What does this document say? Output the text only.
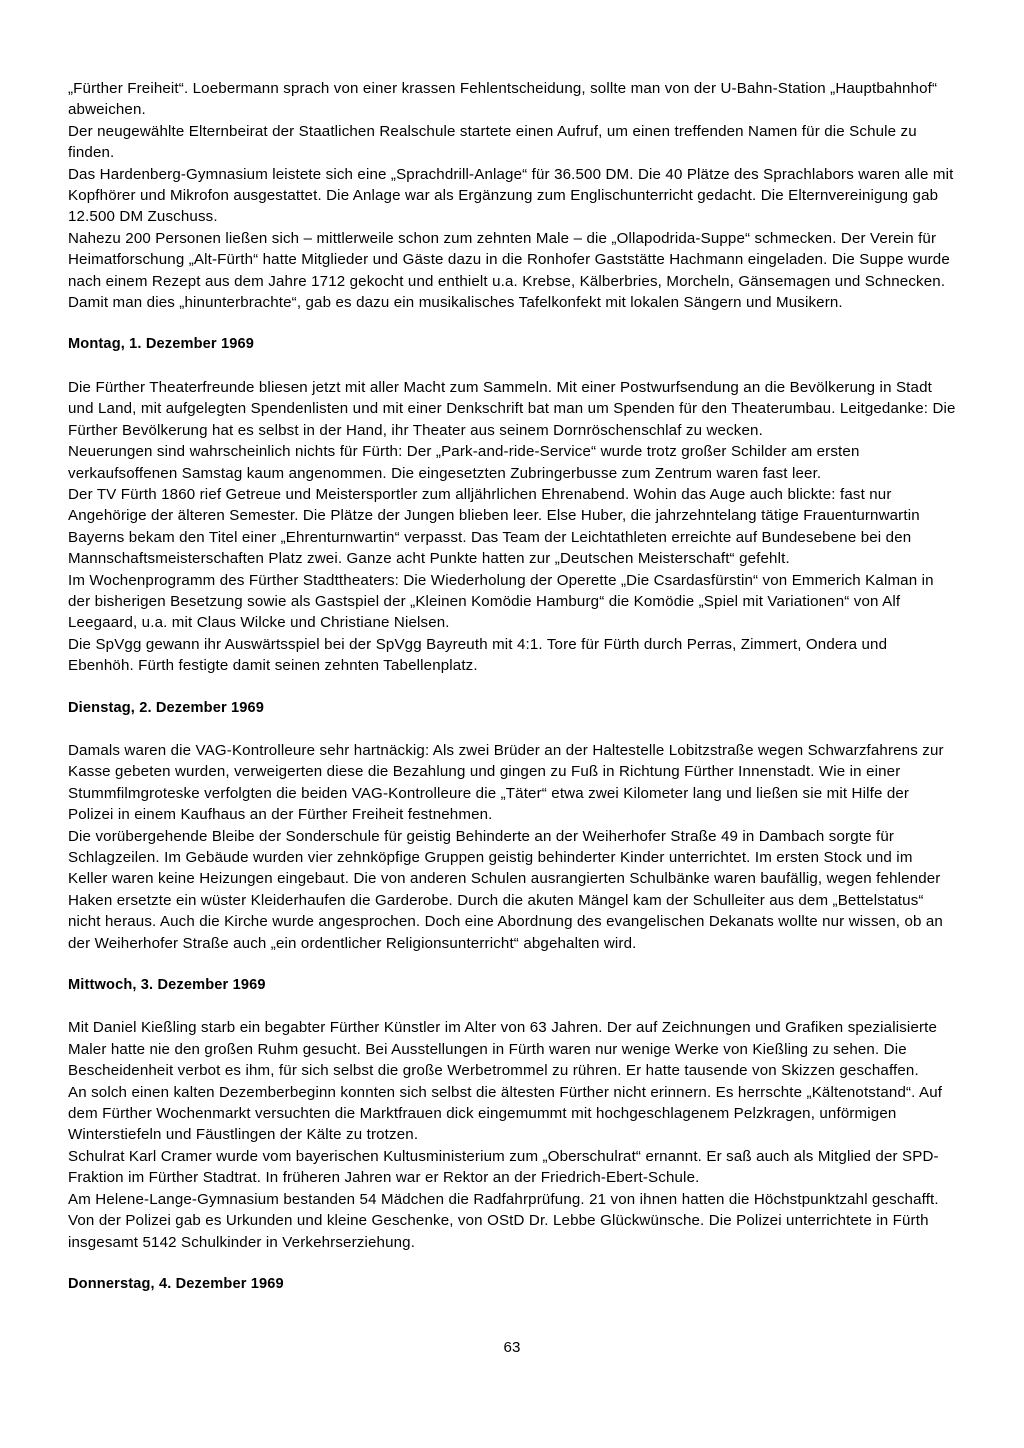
„Fürther Freiheit“. Loebermann sprach von einer krassen Fehlentscheidung, sollte man von der U-Bahn-Station „Hauptbahnhof“ abweichen.

Der neugewählte Elternbeirat der Staatlichen Realschule startete einen Aufruf, um einen treffenden Namen für die Schule zu finden.

Das Hardenberg-Gymnasium leistete sich eine „Sprachdrill-Anlage“ für 36.500 DM. Die 40 Plätze des Sprachlabors waren alle mit Kopfhörer und Mikrofon ausgestattet. Die Anlage war als Ergänzung zum Englischunterricht gedacht. Die Elternvereinigung gab 12.500 DM Zuschuss.

Nahezu 200 Personen ließen sich – mittlerweile schon zum zehnten Male – die „Ollapodrida-Suppe“ schmecken. Der Verein für Heimatforschung „Alt-Fürth“ hatte Mitglieder und Gäste dazu in die Ronhofer Gaststätte Hachmann eingeladen. Die Suppe wurde nach einem Rezept aus dem Jahre 1712 gekocht und enthielt u.a. Krebse, Kälberbries, Morcheln, Gänsemagen und Schnecken. Damit man dies „hinunterbrachte“, gab es dazu ein musikalisches Tafelkonfekt mit lokalen Sängern und Musikern.

Montag, 1. Dezember 1969

Die Fürther Theaterfreunde bliesen jetzt mit aller Macht zum Sammeln. Mit einer Postwurfsendung an die Bevölkerung in Stadt und Land, mit aufgelegten Spendenlisten und mit einer Denkschrift bat man um Spenden für den Theaterumbau. Leitgedanke: Die Fürther Bevölkerung hat es selbst in der Hand, ihr Theater aus seinem Dornröschenschlaf zu wecken.

Neuerungen sind wahrscheinlich nichts für Fürth: Der „Park-and-ride-Service“ wurde trotz großer Schilder am ersten verkaufsoffenen Samstag kaum angenommen. Die eingesetzten Zubringerbusse zum Zentrum waren fast leer.

Der TV Fürth 1860 rief Getreue und Meistersportler zum alljährlichen Ehrenabend. Wohin das Auge auch blickte: fast nur Angehörige der älteren Semester. Die Plätze der Jungen blieben leer. Else Huber, die jahrzehntelang tätige Frauenturnwartin Bayerns bekam den Titel einer „Ehrenturnwartin“ verpasst. Das Team der Leichtathleten erreichte auf Bundesebene bei den Mannschaftsmeisterschaften Platz zwei. Ganze acht Punkte hatten zur „Deutschen Meisterschaft“ gefehlt.

Im Wochenprogramm des Fürther Stadttheaters: Die Wiederholung der Operette „Die Csardasfürstin“ von Emmerich Kalman in der bisherigen Besetzung sowie als Gastspiel der „Kleinen Komödie Hamburg“ die Komödie „Spiel mit Variationen“ von Alf Leegaard, u.a. mit Claus Wilcke und Christiane Nielsen.

Die SpVgg gewann ihr Auswärtsspiel bei der SpVgg Bayreuth mit 4:1. Tore für Fürth durch Perras, Zimmert, Ondera und Ebenhöh. Fürth festigte damit seinen zehnten Tabellenplatz.

Dienstag, 2. Dezember 1969

Damals waren die VAG-Kontrolleure sehr hartnäckig: Als zwei Brüder an der Haltestelle Lobitzstraße wegen Schwarzfahrens zur Kasse gebeten wurden, verweigerten diese die Bezahlung und gingen zu Fuß in Richtung Fürther Innenstadt. Wie in einer Stummfilmgroteske verfolgten die beiden VAG-Kontrolleure die „Täter“ etwa zwei Kilometer lang und ließen sie mit Hilfe der Polizei in einem Kaufhaus an der Fürther Freiheit festnehmen.

Die vorübergehende Bleibe der Sonderschule für geistig Behinderte an der Weiherhofer Straße 49 in Dambach sorgte für Schlagzeilen. Im Gebäude wurden vier zehnköpfige Gruppen geistig behinderter Kinder unterrichtet. Im ersten Stock und im Keller waren keine Heizungen eingebaut. Die von anderen Schulen ausrangierten Schulbänke waren baufällig, wegen fehlender Haken ersetzte ein wüster Kleiderhaufen die Garderobe. Durch die akuten Mängel kam der Schulleiter aus dem „Bettelstatus“ nicht heraus. Auch die Kirche wurde angesprochen. Doch eine Abordnung des evangelischen Dekanats wollte nur wissen, ob an der Weiherhofer Straße auch „ein ordentlicher Religionsunterricht“ abgehalten wird.

Mittwoch, 3. Dezember 1969

Mit Daniel Kießling starb ein begabter Fürther Künstler im Alter von 63 Jahren. Der auf Zeichnungen und Grafiken spezialisierte Maler hatte nie den großen Ruhm gesucht. Bei Ausstellungen in Fürth waren nur wenige Werke von Kießling zu sehen. Die Bescheidenheit verbot es ihm, für sich selbst die große Werbetrommel zu rühren. Er hatte tausende von Skizzen geschaffen.

An solch einen kalten Dezemberbeginn konnten sich selbst die ältesten Fürther nicht erinnern. Es herrschte „Kältenotstand“. Auf dem Fürther Wochenmarkt versuchten die Marktfrauen dick eingemummt mit hochgeschlagenem Pelzkragen, unförmigen Winterstiefeln und Fäustlingen der Kälte zu trotzen.

Schulrat Karl Cramer wurde vom bayerischen Kultusministerium zum „Oberschulrat“ ernannt. Er saß auch als Mitglied der SPD-Fraktion im Fürther Stadtrat. In früheren Jahren war er Rektor an der Friedrich-Ebert-Schule.

Am Helene-Lange-Gymnasium bestanden 54 Mädchen die Radfahrprüfung. 21 von ihnen hatten die Höchstpunktzahl geschafft. Von der Polizei gab es Urkunden und kleine Geschenke, von OStD Dr. Lebbe Glückwünsche. Die Polizei unterrichtete in Fürth insgesamt 5142 Schulkinder in Verkehrserziehung.

Donnerstag, 4. Dezember 1969

63
